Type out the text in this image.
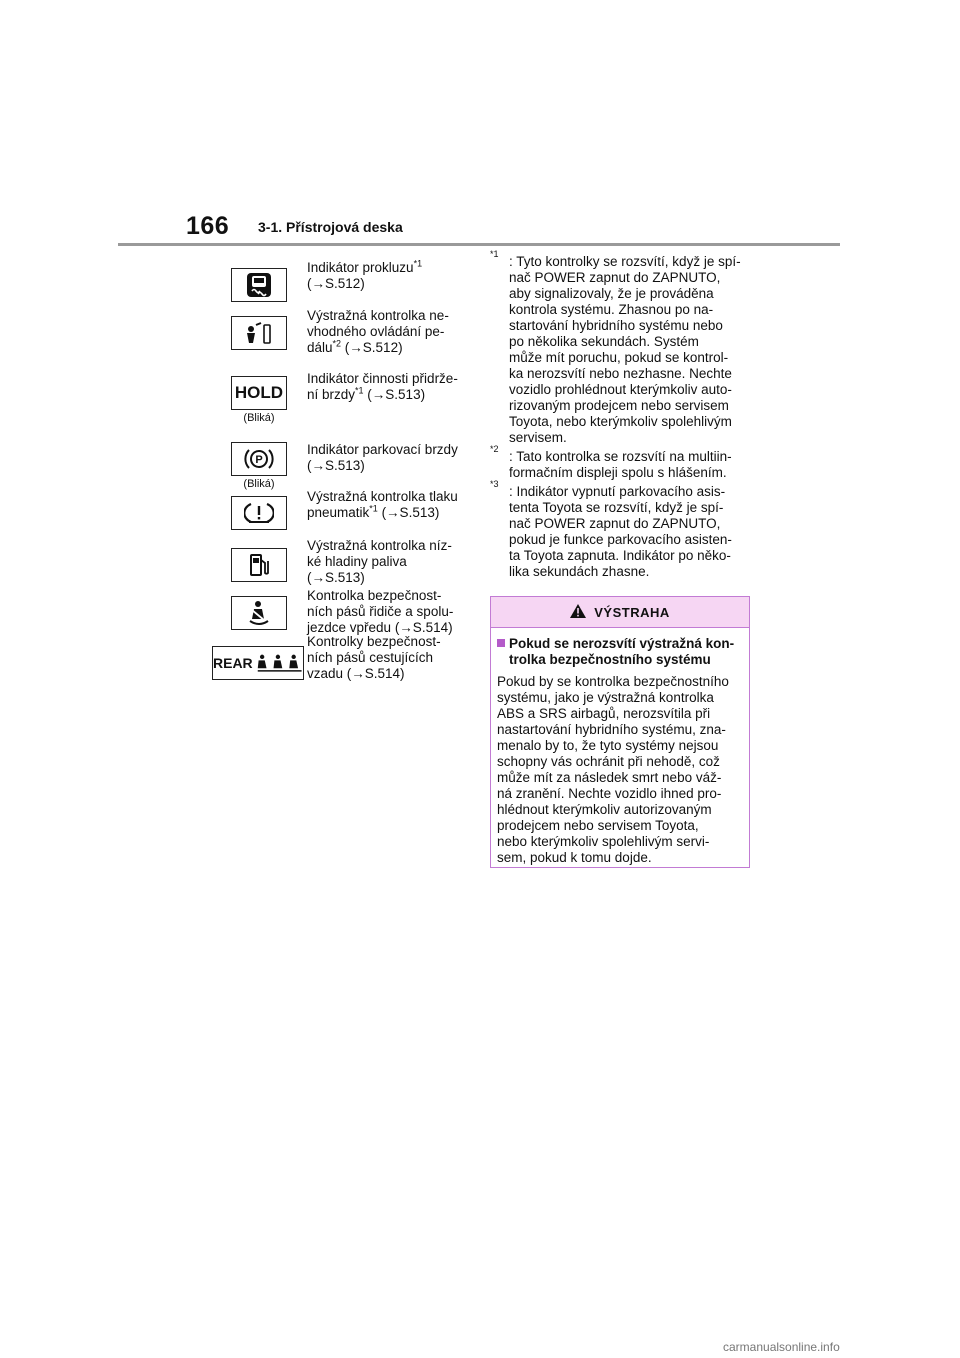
166 3-1. Přístrojová deska
Indikátor prokluzu$^{*1}$
(→S.512)
Výstražná kontrolka ne-
vhodného ovládání pe-
dálu$^{*2}$ (→S.512)
HOLD
(Bliká)
Indikátor činnosti přidrže-
ní brzdy$^{*1}$ (→S.513)
P
(Bliká)
Indikátor parkovací brzdy
(→S.513)
Výstražná kontrolka tlaku
pneumatik$^{*1}$ (→S.513)
Výstražná kontrolka níz-
ké hladiny paliva
(→S.513)
Kontrolka bezpečnost-
ních pásů řidiče a spolu-
jezdce vpředu (→S.514)
REAR
Kontrolky bezpečnost-
ních pásů cestujících
vzadu (→S.514)
*1 : Tyto kontrolky se rozsvítí, když je spí-
nač POWER zapnut do ZAPNUTO,
aby signalizovaly, že je prováděna
kontrola systému. Zhasnou po na-
startování hybridního systému nebo
po několika sekundách. Systém
může mít poruchu, pokud se kontrol-
ka nerozsvítí nebo nezhasne. Nechte
vozidlo prohlédnout kterýmkoliv auto-
rizovaným prodejcem nebo servisem
Toyota, nebo kterýmkoliv spolehlivým
servisem.
*2 : Tato kontrolka se rozsvítí na multiin-
formačním displeji spolu s hlášením.
*3 : Indikátor vypnutí parkovacího asis-
tenta Toyota se rozsvítí, když je spí-
nač POWER zapnut do ZAPNUTO,
pokud je funkce parkovacího asisten-
ta Toyota zapnuta. Indikátor po něko-
lika sekundách zhasne.
VÝSTRAHA
Pokud se nerozsvítí výstražná kon-
trolka bezpečnostního systému
Pokud by se kontrolka bezpečnostního
systému, jako je výstražná kontrolka
ABS a SRS airbagů, nerozsvítila při
nastartování hybridního systému, zna-
menalo by to, že tyto systémy nejsou
schopny vás ochránit při nehodě, což
může mít za následek smrt nebo váž-
ná zranění. Nechte vozidlo ihned pro-
hlédnout kterýmkoliv autorizovaným
prodejcem nebo servisem Toyota,
nebo kterýmkoliv spolehlivým servi-
sem, pokud k tomu dojde.
carmanualsonline.info
